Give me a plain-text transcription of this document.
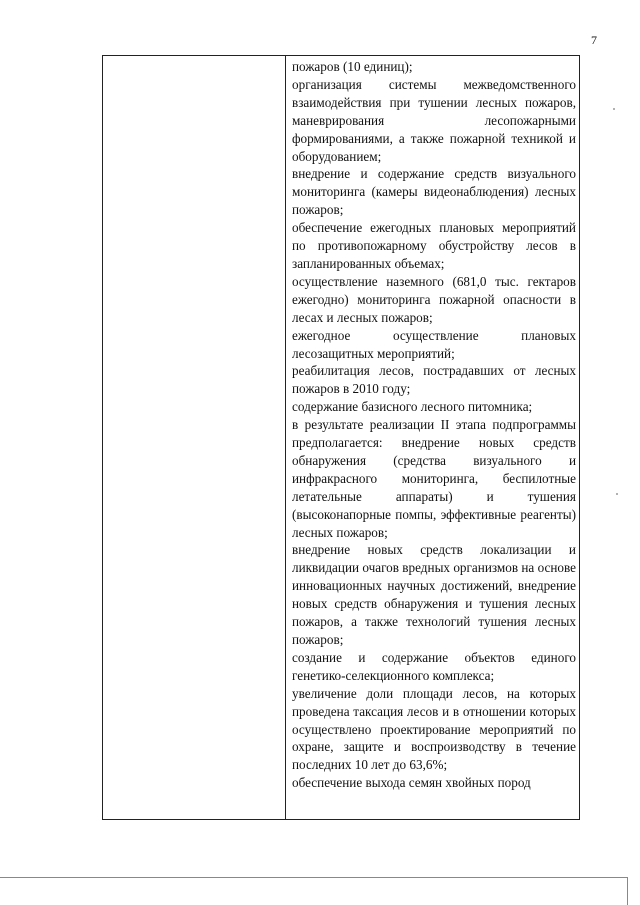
7

пожаров (10 единиц);

организация системы межведомственного взаимодействия при тушении лесных пожаров, маневрирования лесопожарными формированиями, а также пожарной техникой и оборудованием;

внедрение и содержание средств визуального мониторинга (камеры видеонаблюдения) лесных пожаров;

обеспечение ежегодных плановых мероприятий по противопожарному обустройству лесов в запланированных объемах;

осуществление наземного (681,0 тыс. гектаров ежегодно) мониторинга пожарной опасности в лесах и лесных пожаров;

ежегодное осуществление плановых лесозащитных мероприятий;

реабилитация лесов, пострадавших от лесных пожаров в 2010 году;

содержание базисного лесного питомника;

в результате реализации II этапа подпрограммы предполагается: внедрение новых средств обнаружения (средства визуального и инфракрасного мониторинга, беспилотные летательные аппараты) и тушения (высоконапорные помпы, эффективные реагенты) лесных пожаров;

внедрение новых средств локализации и ликвидации очагов вредных организмов на основе инновационных научных достижений, внедрение новых средств обнаружения и тушения лесных пожаров, а также технологий тушения лесных пожаров;

создание и содержание объектов единого генетико-селекционного комплекса;

увеличение доли площади лесов, на которых проведена таксация лесов и в отношении которых осуществлено проектирование мероприятий по охране, защите и воспроизводству в течение последних 10 лет до 63,6%;

обеспечение выхода семян хвойных пород
